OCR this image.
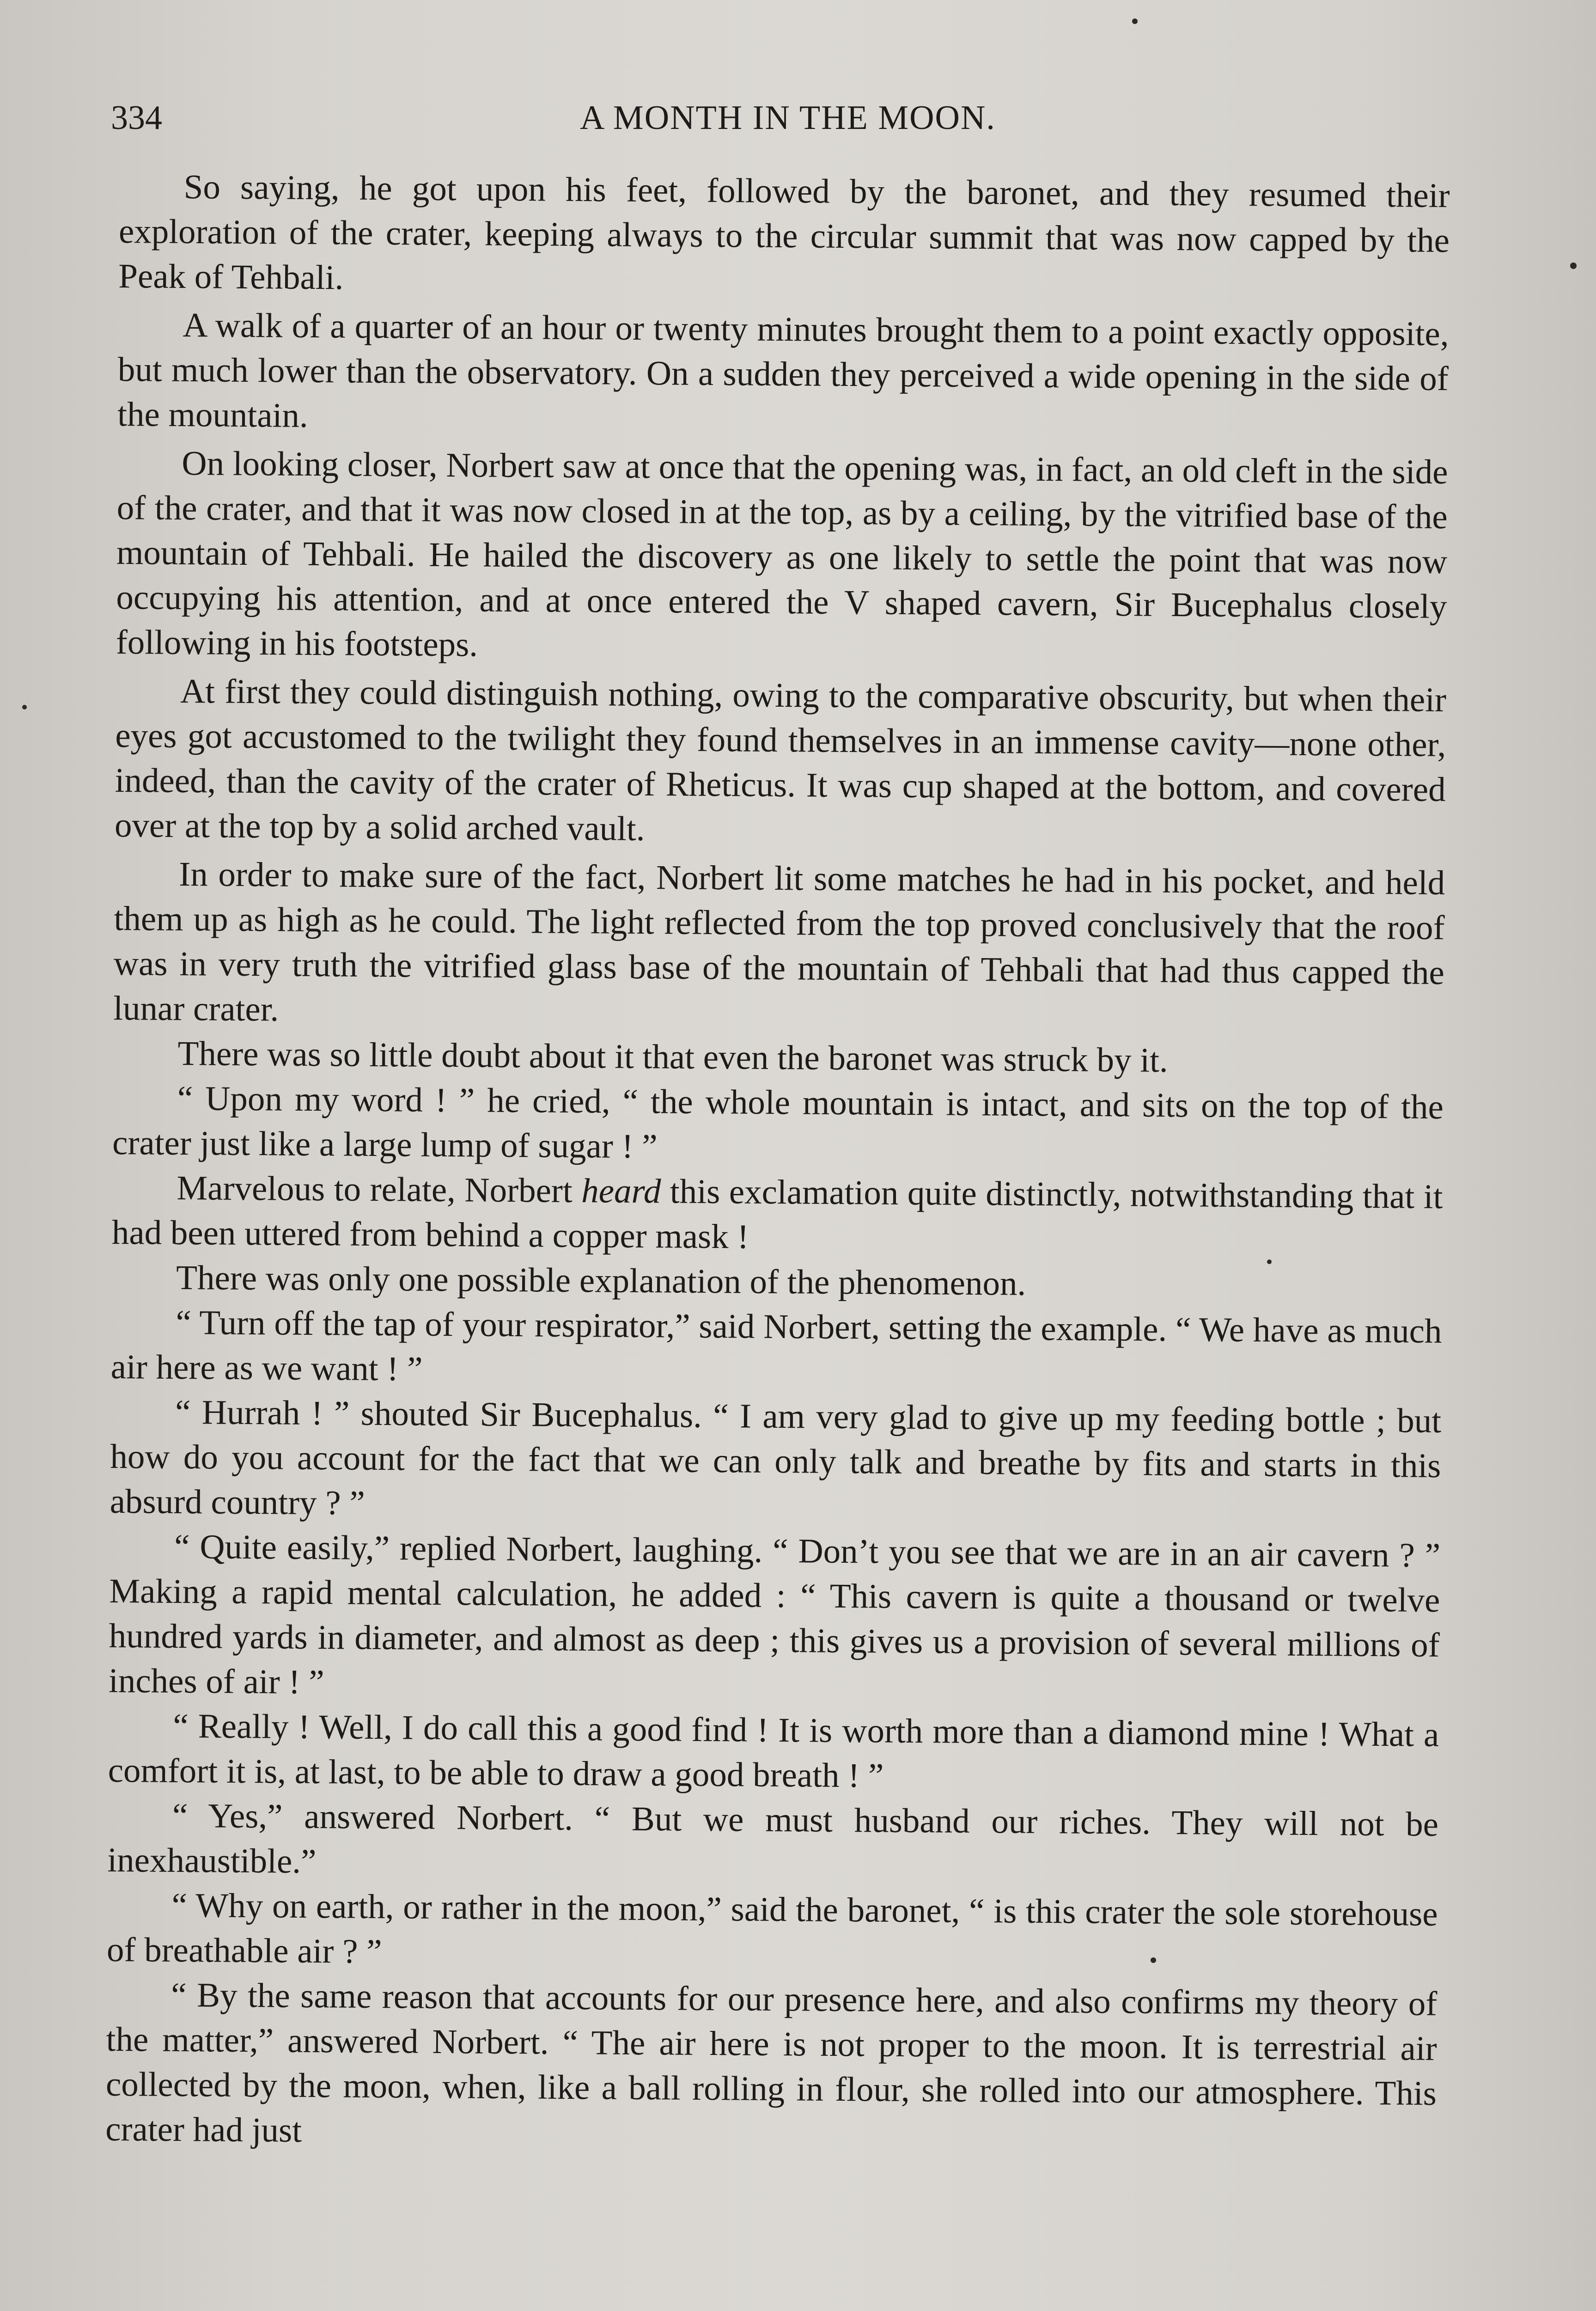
334	A MONTH IN THE MOON.

So saying, he got upon his feet, followed by the baronet, and they resumed their exploration of the crater, keeping always to the circular summit that was now capped by the Peak of Tehbali.

A walk of a quarter of an hour or twenty minutes brought them to a point exactly opposite, but much lower than the observatory. On a sudden they perceived a wide opening in the side of the mountain.

On looking closer, Norbert saw at once that the opening was, in fact, an old cleft in the side of the crater, and that it was now closed in at the top, as by a ceiling, by the vitrified base of the mountain of Tehbali. He hailed the discovery as one likely to settle the point that was now occupying his attention, and at once entered the V shaped cavern, Sir Bucephalus closely following in his footsteps.

At first they could distinguish nothing, owing to the comparative obscurity, but when their eyes got accustomed to the twilight they found themselves in an immense cavity—none other, indeed, than the cavity of the crater of Rheticus. It was cup shaped at the bottom, and covered over at the top by a solid arched vault.

In order to make sure of the fact, Norbert lit some matches he had in his pocket, and held them up as high as he could. The light reflected from the top proved conclusively that the roof was in very truth the vitrified glass base of the mountain of Tehbali that had thus capped the lunar crater.

There was so little doubt about it that even the baronet was struck by it.

“ Upon my word ! ” he cried, “ the whole mountain is intact, and sits on the top of the crater just like a large lump of sugar ! ”

Marvelous to relate, Norbert heard this exclamation quite distinctly, notwithstanding that it had been uttered from behind a copper mask !

There was only one possible explanation of the phenomenon.

“ Turn off the tap of your respirator,” said Norbert, setting the example. “ We have as much air here as we want ! ”

“ Hurrah ! ” shouted Sir Bucephalus. “ I am very glad to give up my feeding bottle ; but how do you account for the fact that we can only talk and breathe by fits and starts in this absurd country ? ”

“ Quite easily,” replied Norbert, laughing. “ Don’t you see that we are in an air cavern ? ” Making a rapid mental calculation, he added : “ This cavern is quite a thousand or twelve hundred yards in diameter, and almost as deep ; this gives us a provision of several millions of inches of air ! ”

“ Really ! Well, I do call this a good find ! It is worth more than a diamond mine ! What a comfort it is, at last, to be able to draw a good breath ! ”

“ Yes,” answered Norbert. “ But we must husband our riches. They will not be inexhaustible.”

“ Why on earth, or rather in the moon,” said the baronet, “ is this crater the sole storehouse of breathable air ? ”

“ By the same reason that accounts for our presence here, and also confirms my theory of the matter,” answered Norbert. “ The air here is not proper to the moon. It is terrestrial air collected by the moon, when, like a ball rolling in flour, she rolled into our atmosphere. This crater had just
